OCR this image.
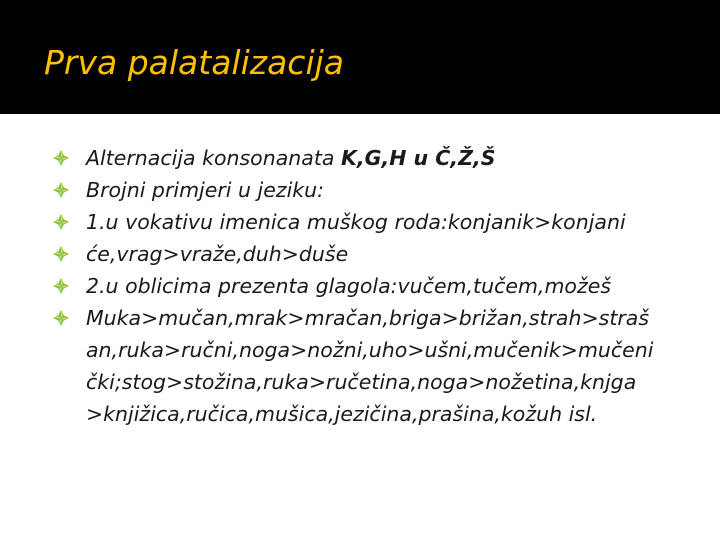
Prva palatalizacija
Alternacija konsonanata K,G,H u Č,Ž,Š
Brojni primjeri u jeziku:
1.u vokativu imenica muškog roda:konjanik>konjani
će,vrag>vraže,duh>duše
2.u oblicima prezenta glagola:vučem,tučem,možeš
Muka>mučan,mrak>mračan,briga>brižan,strah>straš an,ruka>ručni,noga>nožni,uho>ušni,mučenik>mučeni čki;stog>stožina,ruka>ručetina,noga>nožetina,knjga >knjižica,ručica,mušica,jezičina,prašina,kožuh isl.
